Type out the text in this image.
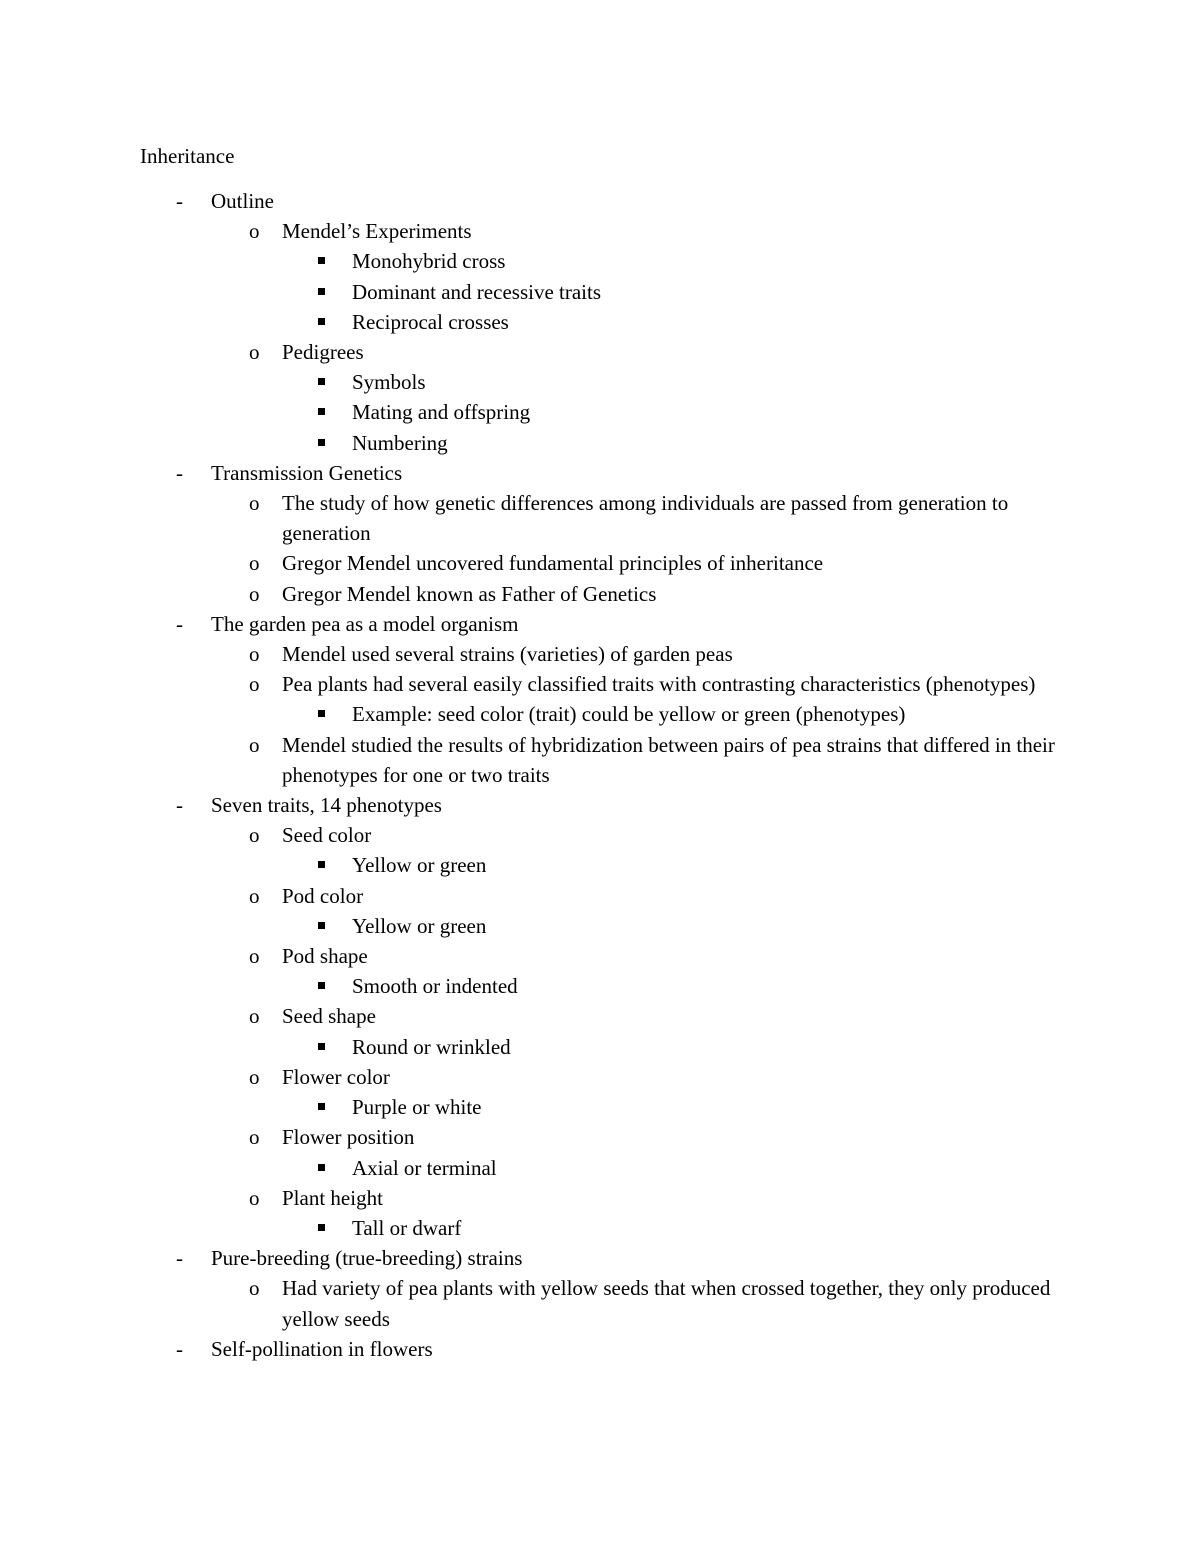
Inheritance
- Outline
o Mendel’s Experiments
Monohybrid cross
Dominant and recessive traits
Reciprocal crosses
o Pedigrees
Symbols
Mating and offspring
Numbering
- Transmission Genetics
o The study of how genetic differences among individuals are passed from generation to generation
o Gregor Mendel uncovered fundamental principles of inheritance
o Gregor Mendel known as Father of Genetics
- The garden pea as a model organism
o Mendel used several strains (varieties) of garden peas
o Pea plants had several easily classified traits with contrasting characteristics (phenotypes)
Example: seed color (trait) could be yellow or green (phenotypes)
o Mendel studied the results of hybridization between pairs of pea strains that differed in their phenotypes for one or two traits
- Seven traits, 14 phenotypes
o Seed color
Yellow or green
o Pod color
Yellow or green
o Pod shape
Smooth or indented
o Seed shape
Round or wrinkled
o Flower color
Purple or white
o Flower position
Axial or terminal
o Plant height
Tall or dwarf
- Pure-breeding (true-breeding) strains
o Had variety of pea plants with yellow seeds that when crossed together, they only produced yellow seeds
- Self-pollination in flowers
